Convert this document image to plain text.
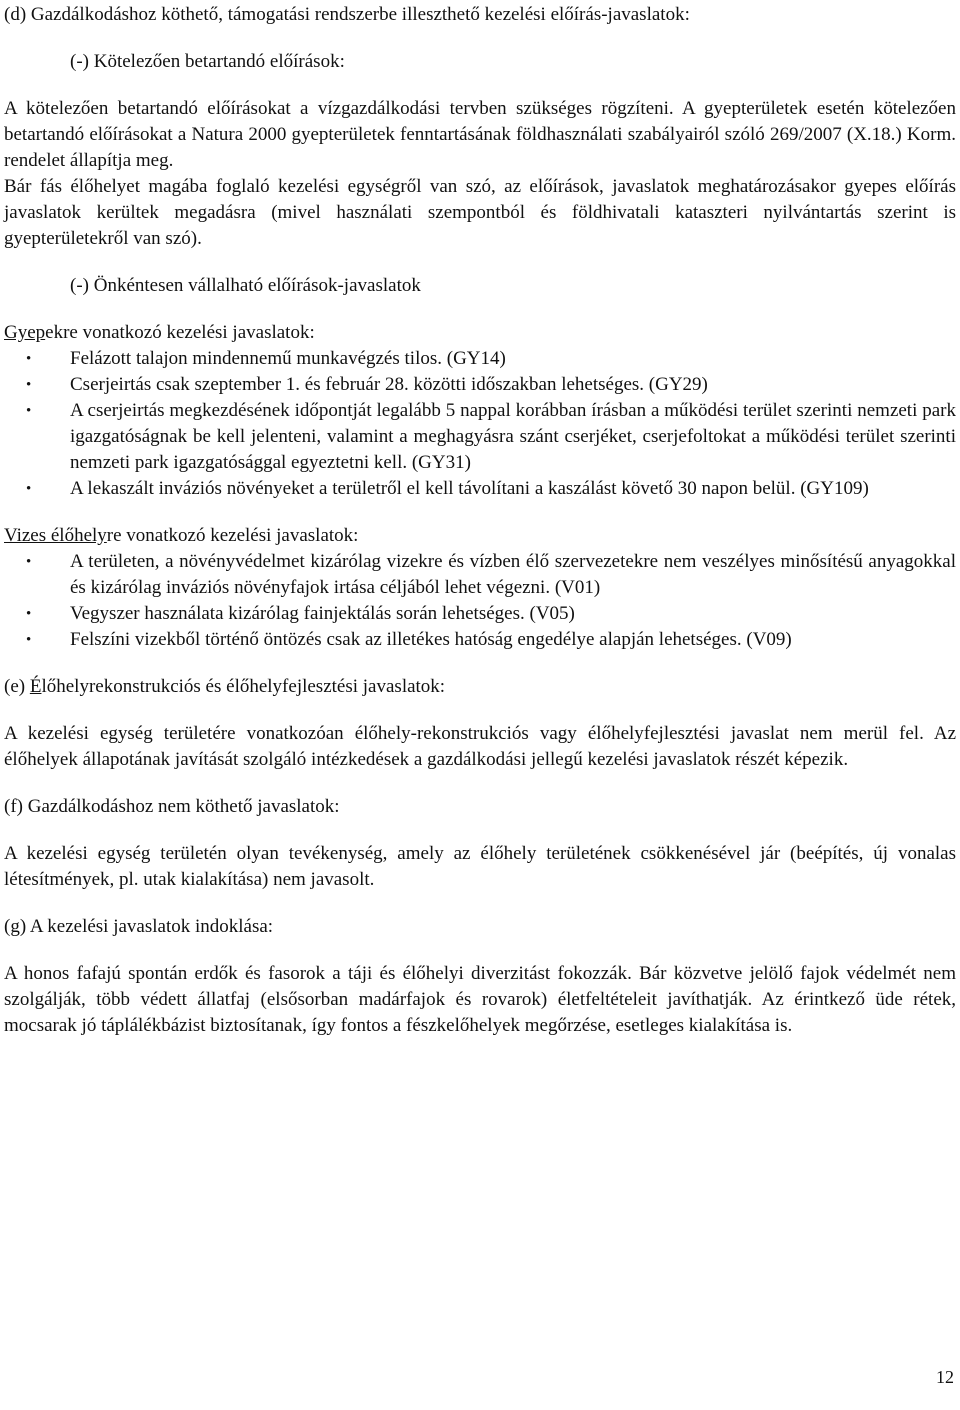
(d) Gazdálkodáshoz köthető, támogatási rendszerbe illeszthető kezelési előírás-javaslatok:

(-) Kötelezően betartandó előírások:

A kötelezően betartandó előírásokat a vízgazdálkodási tervben szükséges rögzíteni. A gyepterületek esetén kötelezően betartandó előírásokat a Natura 2000 gyepterületek fenntartásának földhasználati szabályairól szóló 269/2007 (X.18.) Korm. rendelet állapítja meg.

Bár fás élőhelyet magába foglaló kezelési egységről van szó, az előírások, javaslatok meghatározásakor gyepes előírás javaslatok kerültek megadásra (mivel használati szempontból és földhivatali kataszteri nyilvántartás szerint is gyepterületekről van szó).

(-) Önkéntesen vállalható előírások-javaslatok

Gyepekre vonatkozó kezelési javaslatok:

• Felázott talajon mindennemű munkavégzés tilos. (GY14)
• Cserjeirtás csak szeptember 1. és február 28. közötti időszakban lehetséges. (GY29)
• A cserjeirtás megkezdésének időpontját legalább 5 nappal korábban írásban a működési terület szerinti nemzeti park igazgatóságnak be kell jelenteni, valamint a meghagyásra szánt cserjéket, cserjefoltokat a működési terület szerinti nemzeti park igazgatósággal egyeztetni kell. (GY31)
• A lekaszált inváziós növényeket a területről el kell távolítani a kaszálást követő 30 napon belül. (GY109)

Vizes élőhelyre vonatkozó kezelési javaslatok:

• A területen, a növényvédelmet kizárólag vizekre és vízben élő szervezetekre nem veszélyes minősítésű anyagokkal és kizárólag inváziós növényfajok irtása céljából lehet végezni. (V01)
• Vegyszer használata kizárólag fainjektálás során lehetséges. (V05)
• Felszíni vizekből történő öntözés csak az illetékes hatóság engedélye alapján lehetséges. (V09)

(e) Élőhelyrekonstrukciós és élőhelyfejlesztési javaslatok:

A kezelési egység területére vonatkozóan élőhely-rekonstrukciós vagy élőhelyfejlesztési javaslat nem merül fel. Az élőhelyek állapotának javítását szolgáló intézkedések a gazdálkodási jellegű kezelési javaslatok részét képezik.

(f) Gazdálkodáshoz nem köthető javaslatok:

A kezelési egység területén olyan tevékenység, amely az élőhely területének csökkenésével jár (beépítés, új vonalas létesítmények, pl. utak kialakítása) nem javasolt.

(g) A kezelési javaslatok indoklása:

A honos fafajú spontán erdők és fasorok a táji és élőhelyi diverzitást fokozzák. Bár közvetve jelölő fajok védelmét nem szolgálják, több védett állatfaj (elsősorban madárfajok és rovarok) életfeltételeit javíthatják. Az érintkező üde rétek, mocsarak jó táplálékbázist biztosítanak, így fontos a fészkelőhelyek megőrzése, esetleges kialakítása is.

12
